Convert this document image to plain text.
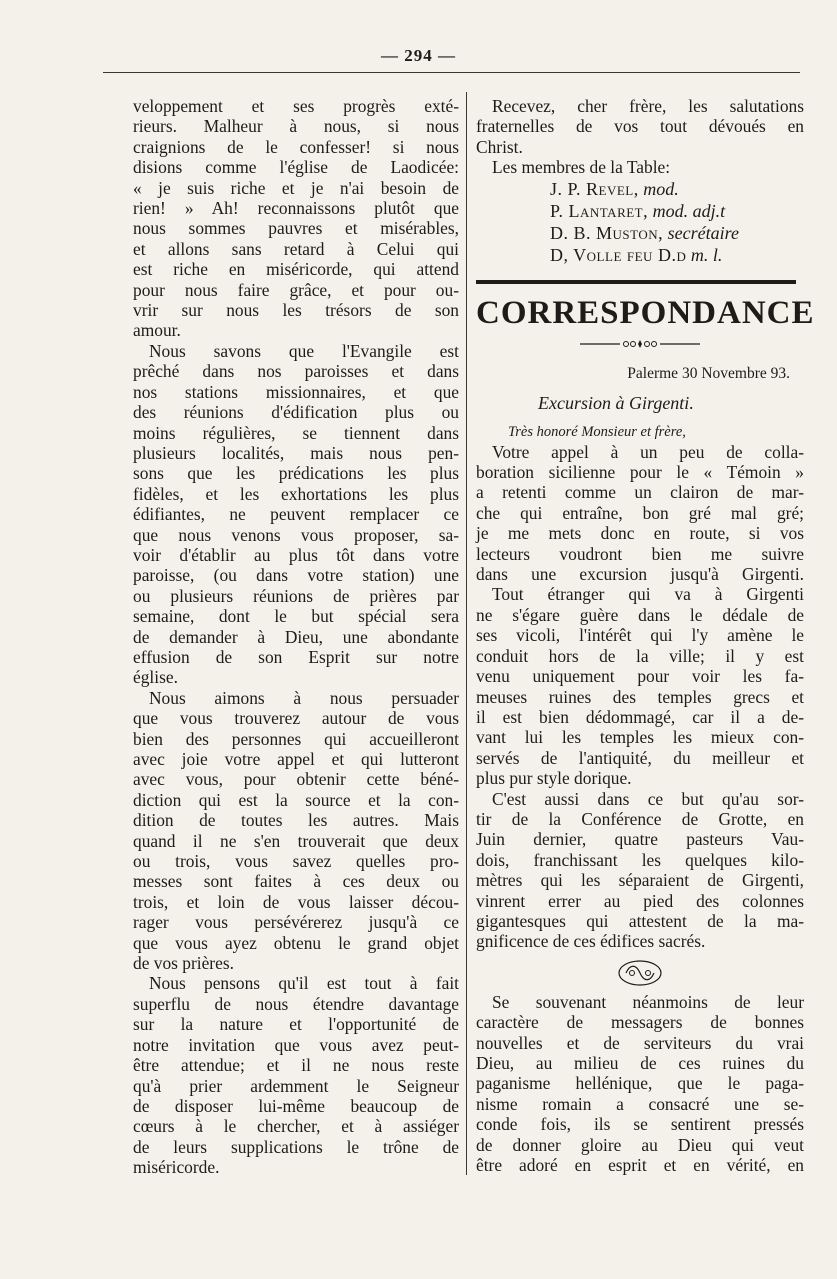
— 294 —

veloppement et ses progrès exté-
rieurs. Malheur à nous, si nous
craignions de le confesser! si nous
disions comme l'église de Laodicée:
« je suis riche et je n'ai besoin de
rien! » Ah! reconnaissons plutôt que
nous sommes pauvres et misérables,
et allons sans retard à Celui qui
est riche en miséricorde, qui attend
pour nous faire grâce, et pour ou-
vrir sur nous les trésors de son
amour.
Nous savons que l'Evangile est
prêché dans nos paroisses et dans
nos stations missionnaires, et que
des réunions d'édification plus ou
moins régulières, se tiennent dans
plusieurs localités, mais nous pen-
sons que les prédications les plus
fidèles, et les exhortations les plus
édifiantes, ne peuvent remplacer ce
que nous venons vous proposer, sa-
voir d'établir au plus tôt dans votre
paroisse, (ou dans votre station) une
ou plusieurs réunions de prières par
semaine, dont le but spécial sera
de demander à Dieu, une abondante
effusion de son Esprit sur notre
église.
Nous aimons à nous persuader
que vous trouverez autour de vous
bien des personnes qui accueilleront
avec joie votre appel et qui lutteront
avec vous, pour obtenir cette béné-
diction qui est la source et la con-
dition de toutes les autres. Mais
quand il ne s'en trouverait que deux
ou trois, vous savez quelles pro-
messes sont faites à ces deux ou
trois, et loin de vous laisser décou-
rager vous persévérerez jusqu'à ce
que vous ayez obtenu le grand objet
de vos prières.
Nous pensons qu'il est tout à fait
superflu de nous étendre davantage
sur la nature et l'opportunité de
notre invitation que vous avez peut-
être attendue; et il ne nous reste
qu'à prier ardemment le Seigneur
de disposer lui-même beaucoup de
cœurs à le chercher, et à assiéger
de leurs supplications le trône de
miséricorde.

Recevez, cher frère, les salutations
fraternelles de vos tout dévoués en
Christ.
Les membres de la Table:

J. P. Revel, mod.
P. Lantaret, mod. adj.t
D. B. Muston, secrétaire
D, Volle feu D.d m. l.
CORRESPONDANCE

Palerme 30 Novembre 93.

Excursion à Girgenti.

Très honoré Monsieur et frère,

Votre appel à un peu de colla-
boration sicilienne pour le « Témoin »
a retenti comme un clairon de mar-
che qui entraîne, bon gré mal gré;
je me mets donc en route, si vos
lecteurs voudront bien me suivre
dans une excursion jusqu'à Girgenti.
Tout étranger qui va à Girgenti
ne s'égare guère dans le dédale de
ses vicoli, l'intérêt qui l'y amène le
conduit hors de la ville; il y est
venu uniquement pour voir les fa-
meuses ruines des temples grecs et
il est bien dédommagé, car il a de-
vant lui les temples les mieux con-
servés de l'antiquité, du meilleur et
plus pur style dorique.
C'est aussi dans ce but qu'au sor-
tir de la Conférence de Grotte, en
Juin dernier, quatre pasteurs Vau-
dois, franchissant les quelques kilo-
mètres qui les séparaient de Girgenti,
vinrent errer au pied des colonnes
gigantesques qui attestent de la ma-
gnificence de ces édifices sacrés.

Se souvenant néanmoins de leur
caractère de messagers de bonnes
nouvelles et de serviteurs du vrai
Dieu, au milieu de ces ruines du
paganisme hellénique, que le paga-
nisme romain a consacré une se-
conde fois, ils se sentirent pressés
de donner gloire au Dieu qui veut
être adoré en esprit et en vérité, en
